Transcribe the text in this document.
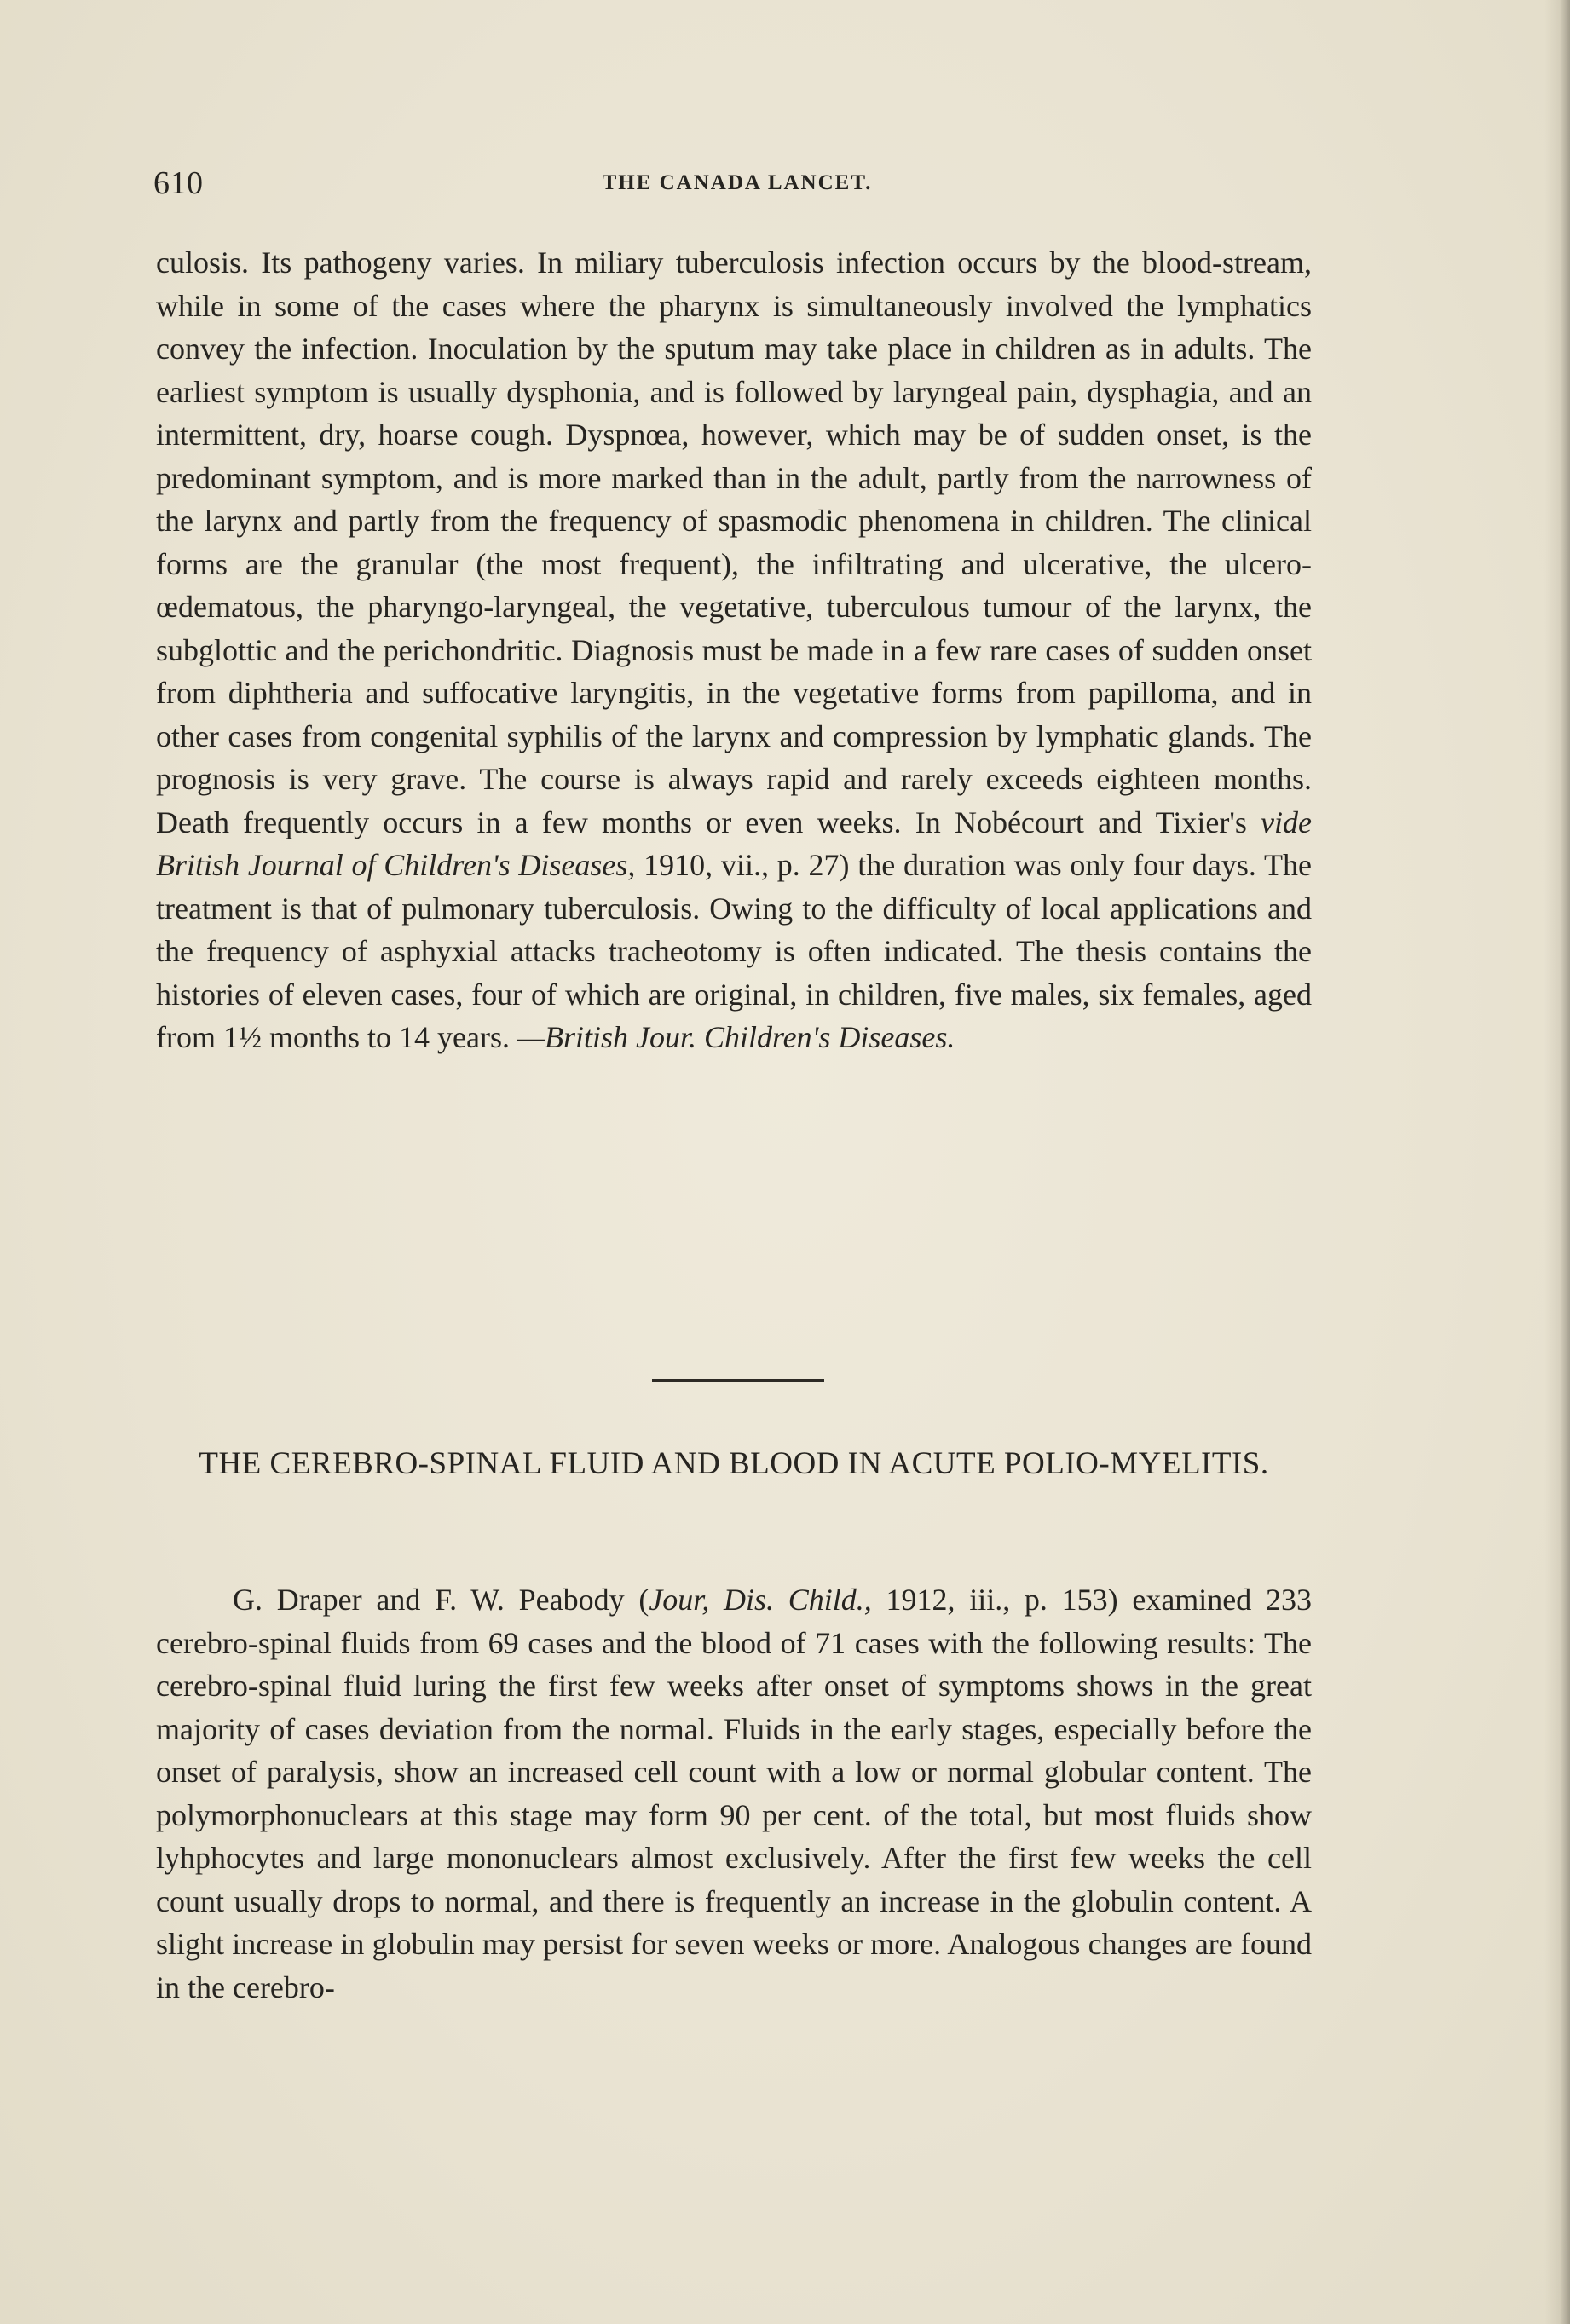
610	THE CANADA LANCET.

culosis. Its pathogeny varies. In miliary tuberculosis infection occurs by the blood-stream, while in some of the cases where the pharynx is simultaneously involved the lymphatics convey the infection. Inoculation by the sputum may take place in children as in adults. The earliest symptom is usually dysphonia, and is followed by laryngeal pain, dysphagia, and an intermittent, dry, hoarse cough. Dyspnœa, however, which may be of sudden onset, is the predominant symptom, and is more marked than in the adult, partly from the narrowness of the larynx and partly from the frequency of spasmodic phenomena in children. The clinical forms are the granular (the most frequent), the infiltrating and ulcerative, the ulcero-œdematous, the pharyngo-laryngeal, the vegetative, tuberculous tumour of the larynx, the subglottic and the perichondritic. Diagnosis must be made in a few rare cases of sudden onset from diphtheria and suffocative laryngitis, in the vegetative forms from papilloma, and in other cases from congenital syphilis of the larynx and compression by lymphatic glands. The prognosis is very grave. The course is always rapid and rarely exceeds eighteen months. Death frequently occurs in a few months or even weeks. In Nobécourt and Tixier's vide British Journal of Children's Diseases, 1910, vii., p. 27) the duration was only four days. The treatment is that of pulmonary tuberculosis. Owing to the difficulty of local applications and the frequency of asphyxial attacks tracheotomy is often indicated. The thesis contains the histories of eleven cases, four of which are original, in children, five males, six females, aged from 1½ months to 14 years. —British Jour. Children's Diseases.

THE CEREBRO-SPINAL FLUID AND BLOOD IN ACUTE POLIO-MYELITIS.

G. Draper and F. W. Peabody (Jour, Dis. Child., 1912, iii., p. 153) examined 233 cerebro-spinal fluids from 69 cases and the blood of 71 cases with the following results: The cerebro-spinal fluid luring the first few weeks after onset of symptoms shows in the great majority of cases deviation from the normal. Fluids in the early stages, especially before the onset of paralysis, show an increased cell count with a low or normal globular content. The polymorphonuclears at this stage may form 90 per cent. of the total, but most fluids show lyhphocytes and large mononuclears almost exclusively. After the first few weeks the cell count usually drops to normal, and there is frequently an increase in the globulin content. A slight increase in globulin may persist for seven weeks or more. Analogous changes are found in the cerebro-
